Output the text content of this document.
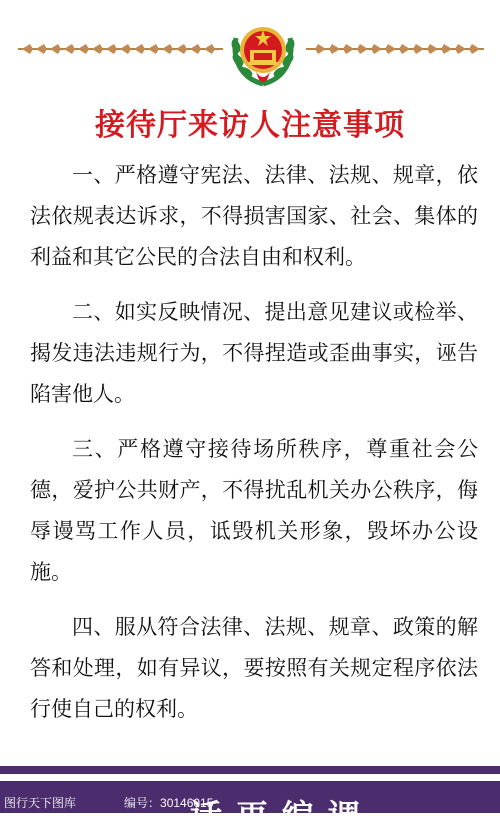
接待厅来访人注意事项

一、严格遵守宪法、法律、法规、规章，依法依规表达诉求，不得损害国家、社会、集体的利益和其它公民的合法自由和权利。

二、如实反映情况、提出意见建议或检举、揭发违法违规行为，不得捏造或歪曲事实，诬告陷害他人。

三、严格遵守接待场所秩序，尊重社会公德，爱护公共财产，不得扰乱机关办公秩序，侮辱谩骂工作人员，诋毁机关形象，毁坏办公设施。

四、服从符合法律、法规、规章、政策的解答和处理，如有异议，要按照有关规定程序依法行使自己的权利。

话再编调
图行天下图库	编号：30146015
